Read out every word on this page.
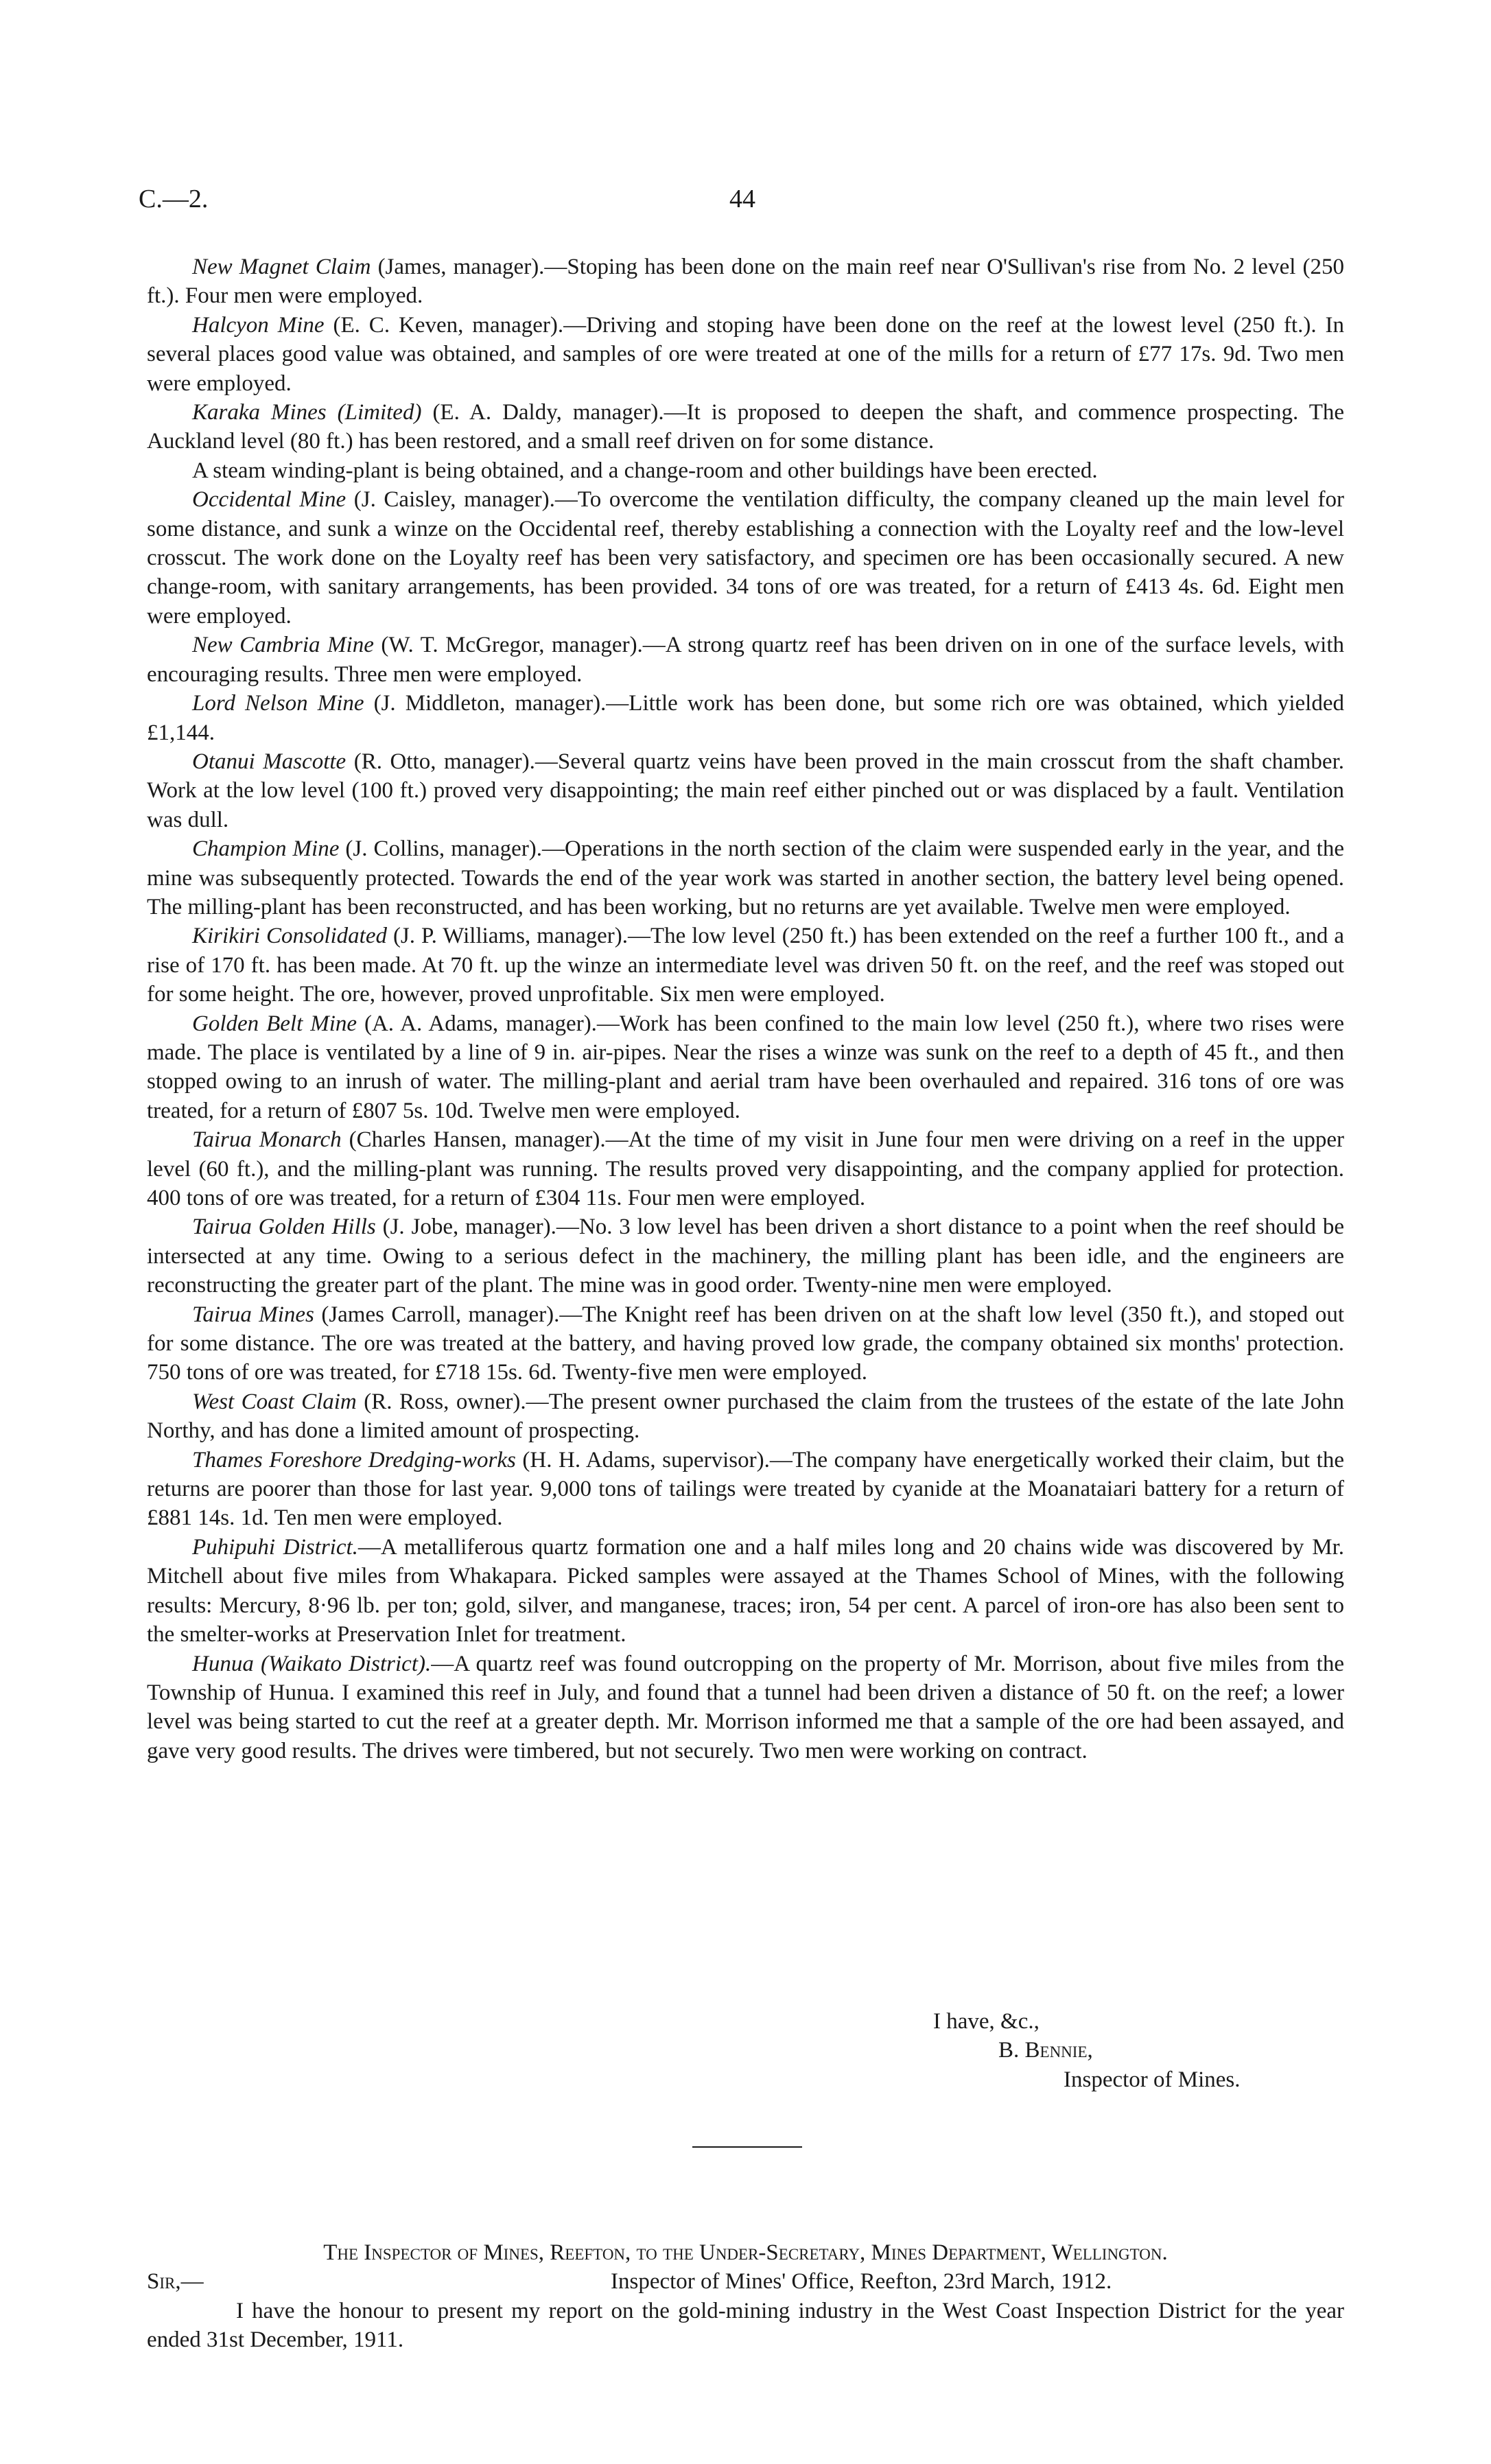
C.—2.	44

New Magnet Claim (James, manager).—Stoping has been done on the main reef near O'Sullivan's rise from No. 2 level (250 ft.). Four men were employed.

Halcyon Mine (E. C. Keven, manager).—Driving and stoping have been done on the reef at the lowest level (250 ft.). In several places good value was obtained, and samples of ore were treated at one of the mills for a return of £77 17s. 9d. Two men were employed.

Karaka Mines (Limited) (E. A. Daldy, manager).—It is proposed to deepen the shaft, and commence prospecting. The Auckland level (80 ft.) has been restored, and a small reef driven on for some distance.

A steam winding-plant is being obtained, and a change-room and other buildings have been erected.

Occidental Mine (J. Caisley, manager).—To overcome the ventilation difficulty, the company cleaned up the main level for some distance, and sunk a winze on the Occidental reef, thereby establishing a connection with the Loyalty reef and the low-level crosscut. The work done on the Loyalty reef has been very satisfactory, and specimen ore has been occasionally secured. A new change-room, with sanitary arrangements, has been provided. 34 tons of ore was treated, for a return of £413 4s. 6d. Eight men were employed.

New Cambria Mine (W. T. McGregor, manager).—A strong quartz reef has been driven on in one of the surface levels, with encouraging results. Three men were employed.

Lord Nelson Mine (J. Middleton, manager).—Little work has been done, but some rich ore was obtained, which yielded £1,144.

Otanui Mascotte (R. Otto, manager).—Several quartz veins have been proved in the main crosscut from the shaft chamber. Work at the low level (100 ft.) proved very disappointing; the main reef either pinched out or was displaced by a fault. Ventilation was dull.

Champion Mine (J. Collins, manager).—Operations in the north section of the claim were suspended early in the year, and the mine was subsequently protected. Towards the end of the year work was started in another section, the battery level being opened. The milling-plant has been reconstructed, and has been working, but no returns are yet available. Twelve men were employed.

Kirikiri Consolidated (J. P. Williams, manager).—The low level (250 ft.) has been extended on the reef a further 100 ft., and a rise of 170 ft. has been made. At 70 ft. up the winze an intermediate level was driven 50 ft. on the reef, and the reef was stoped out for some height. The ore, however, proved unprofitable. Six men were employed.

Golden Belt Mine (A. A. Adams, manager).—Work has been confined to the main low level (250 ft.), where two rises were made. The place is ventilated by a line of 9 in. air-pipes. Near the rises a winze was sunk on the reef to a depth of 45 ft., and then stopped owing to an inrush of water. The milling-plant and aerial tram have been overhauled and repaired. 316 tons of ore was treated, for a return of £807 5s. 10d. Twelve men were employed.

Tairua Monarch (Charles Hansen, manager).—At the time of my visit in June four men were driving on a reef in the upper level (60 ft.), and the milling-plant was running. The results proved very disappointing, and the company applied for protection. 400 tons of ore was treated, for a return of £304 11s. Four men were employed.

Tairua Golden Hills (J. Jobe, manager).—No. 3 low level has been driven a short distance to a point when the reef should be intersected at any time. Owing to a serious defect in the machinery, the milling plant has been idle, and the engineers are reconstructing the greater part of the plant. The mine was in good order. Twenty-nine men were employed.

Tairua Mines (James Carroll, manager).—The Knight reef has been driven on at the shaft low level (350 ft.), and stoped out for some distance. The ore was treated at the battery, and having proved low grade, the company obtained six months' protection. 750 tons of ore was treated, for £718 15s. 6d. Twenty-five men were employed.

West Coast Claim (R. Ross, owner).—The present owner purchased the claim from the trustees of the estate of the late John Northy, and has done a limited amount of prospecting.

Thames Foreshore Dredging-works (H. H. Adams, supervisor).—The company have energetically worked their claim, but the returns are poorer than those for last year. 9,000 tons of tailings were treated by cyanide at the Moanataiari battery for a return of £881 14s. 1d. Ten men were employed.

Puhipuhi District.—A metalliferous quartz formation one and a half miles long and 20 chains wide was discovered by Mr. Mitchell about five miles from Whakapara. Picked samples were assayed at the Thames School of Mines, with the following results: Mercury, 8·96 lb. per ton; gold, silver, and manganese, traces; iron, 54 per cent. A parcel of iron-ore has also been sent to the smelter-works at Preservation Inlet for treatment.

Hunua (Waikato District).—A quartz reef was found outcropping on the property of Mr. Morrison, about five miles from the Township of Hunua. I examined this reef in July, and found that a tunnel had been driven a distance of 50 ft. on the reef; a lower level was being started to cut the reef at a greater depth. Mr. Morrison informed me that a sample of the ore had been assayed, and gave very good results. The drives were timbered, but not securely. Two men were working on contract.

I have, &c.,
B. Bennie,
Inspector of Mines.
The Inspector of Mines, Reefton, to the Under-Secretary, Mines Department, Wellington.
Sir,—	Inspector of Mines' Office, Reefton, 23rd March, 1912.

I have the honour to present my report on the gold-mining industry in the West Coast Inspection District for the year ended 31st December, 1911.
